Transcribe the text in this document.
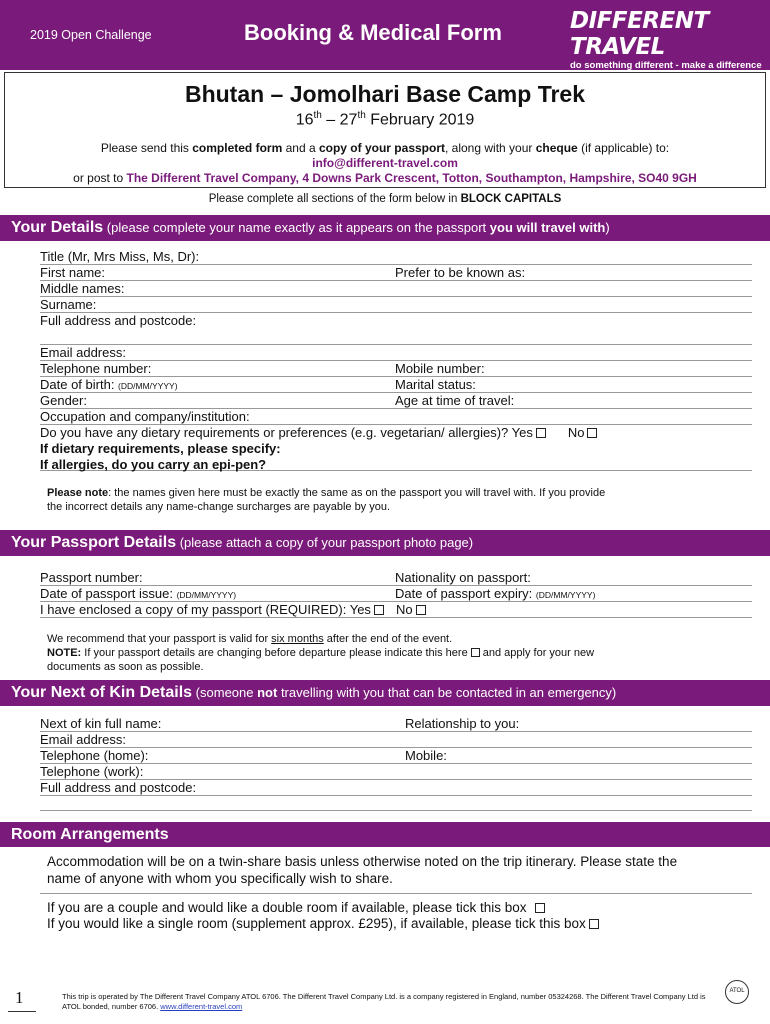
2019 Open Challenge	Booking & Medical Form	DIFFERENT TRAVEL
do something different - make a difference
www.different-travel.com
Bhutan – Jomolhari Base Camp Trek
16th – 27th February 2019
Please send this completed form and a copy of your passport, along with your cheque (if applicable) to:
info@different-travel.com
or post to The Different Travel Company, 4 Downs Park Crescent, Totton, Southampton, Hampshire, SO40 9GH
Please complete all sections of the form below in BLOCK CAPITALS
Your Details (please complete your name exactly as it appears on the passport you will travel with)
Title (Mr, Mrs Miss, Ms, Dr):
First name:	Prefer to be known as:
Middle names:
Surname:
Full address and postcode:
Email address:
Telephone number:	Mobile number:
Date of birth: (DD/MM/YYYY)	Marital status:
Gender:	Age at time of travel:
Occupation and company/institution:
Do you have any dietary requirements or preferences (e.g. vegetarian/ allergies)? Yes	No
If dietary requirements, please specify:
If allergies, do you carry an epi-pen?
Please note: the names given here must be exactly the same as on the passport you will travel with. If you provide
the incorrect details any name-change surcharges are payable by you.
Your Passport Details (please attach a copy of your passport photo page)
Passport number:	Nationality on passport:
Date of passport issue: (DD/MM/YYYY)	Date of passport expiry: (DD/MM/YYYY)
I have enclosed a copy of my passport (REQUIRED): Yes No
We recommend that your passport is valid for six months after the end of the event.
NOTE: If your passport details are changing before departure please indicate this here and apply for your new
documents as soon as possible.
Your Next of Kin Details (someone not travelling with you that can be contacted in an emergency)
Next of kin full name:	Relationship to you:
Email address:
Telephone (home):	Mobile:
Telephone (work):
Full address and postcode:
Room Arrangements
Accommodation will be on a twin-share basis unless otherwise noted on the trip itinerary. Please state the
name of anyone with whom you specifically wish to share.
If you are a couple and would like a double room if available, please tick this box
If you would like a single room (supplement approx. £295), if available, please tick this box
1	This trip is operated by The Different Travel Company ATOL 6706. The Different Travel Company Ltd. is a company registered in England, number 05324268. The Different Travel Company Ltd is ATOL bonded, number 6706. www.different-travel.com
ATOL
